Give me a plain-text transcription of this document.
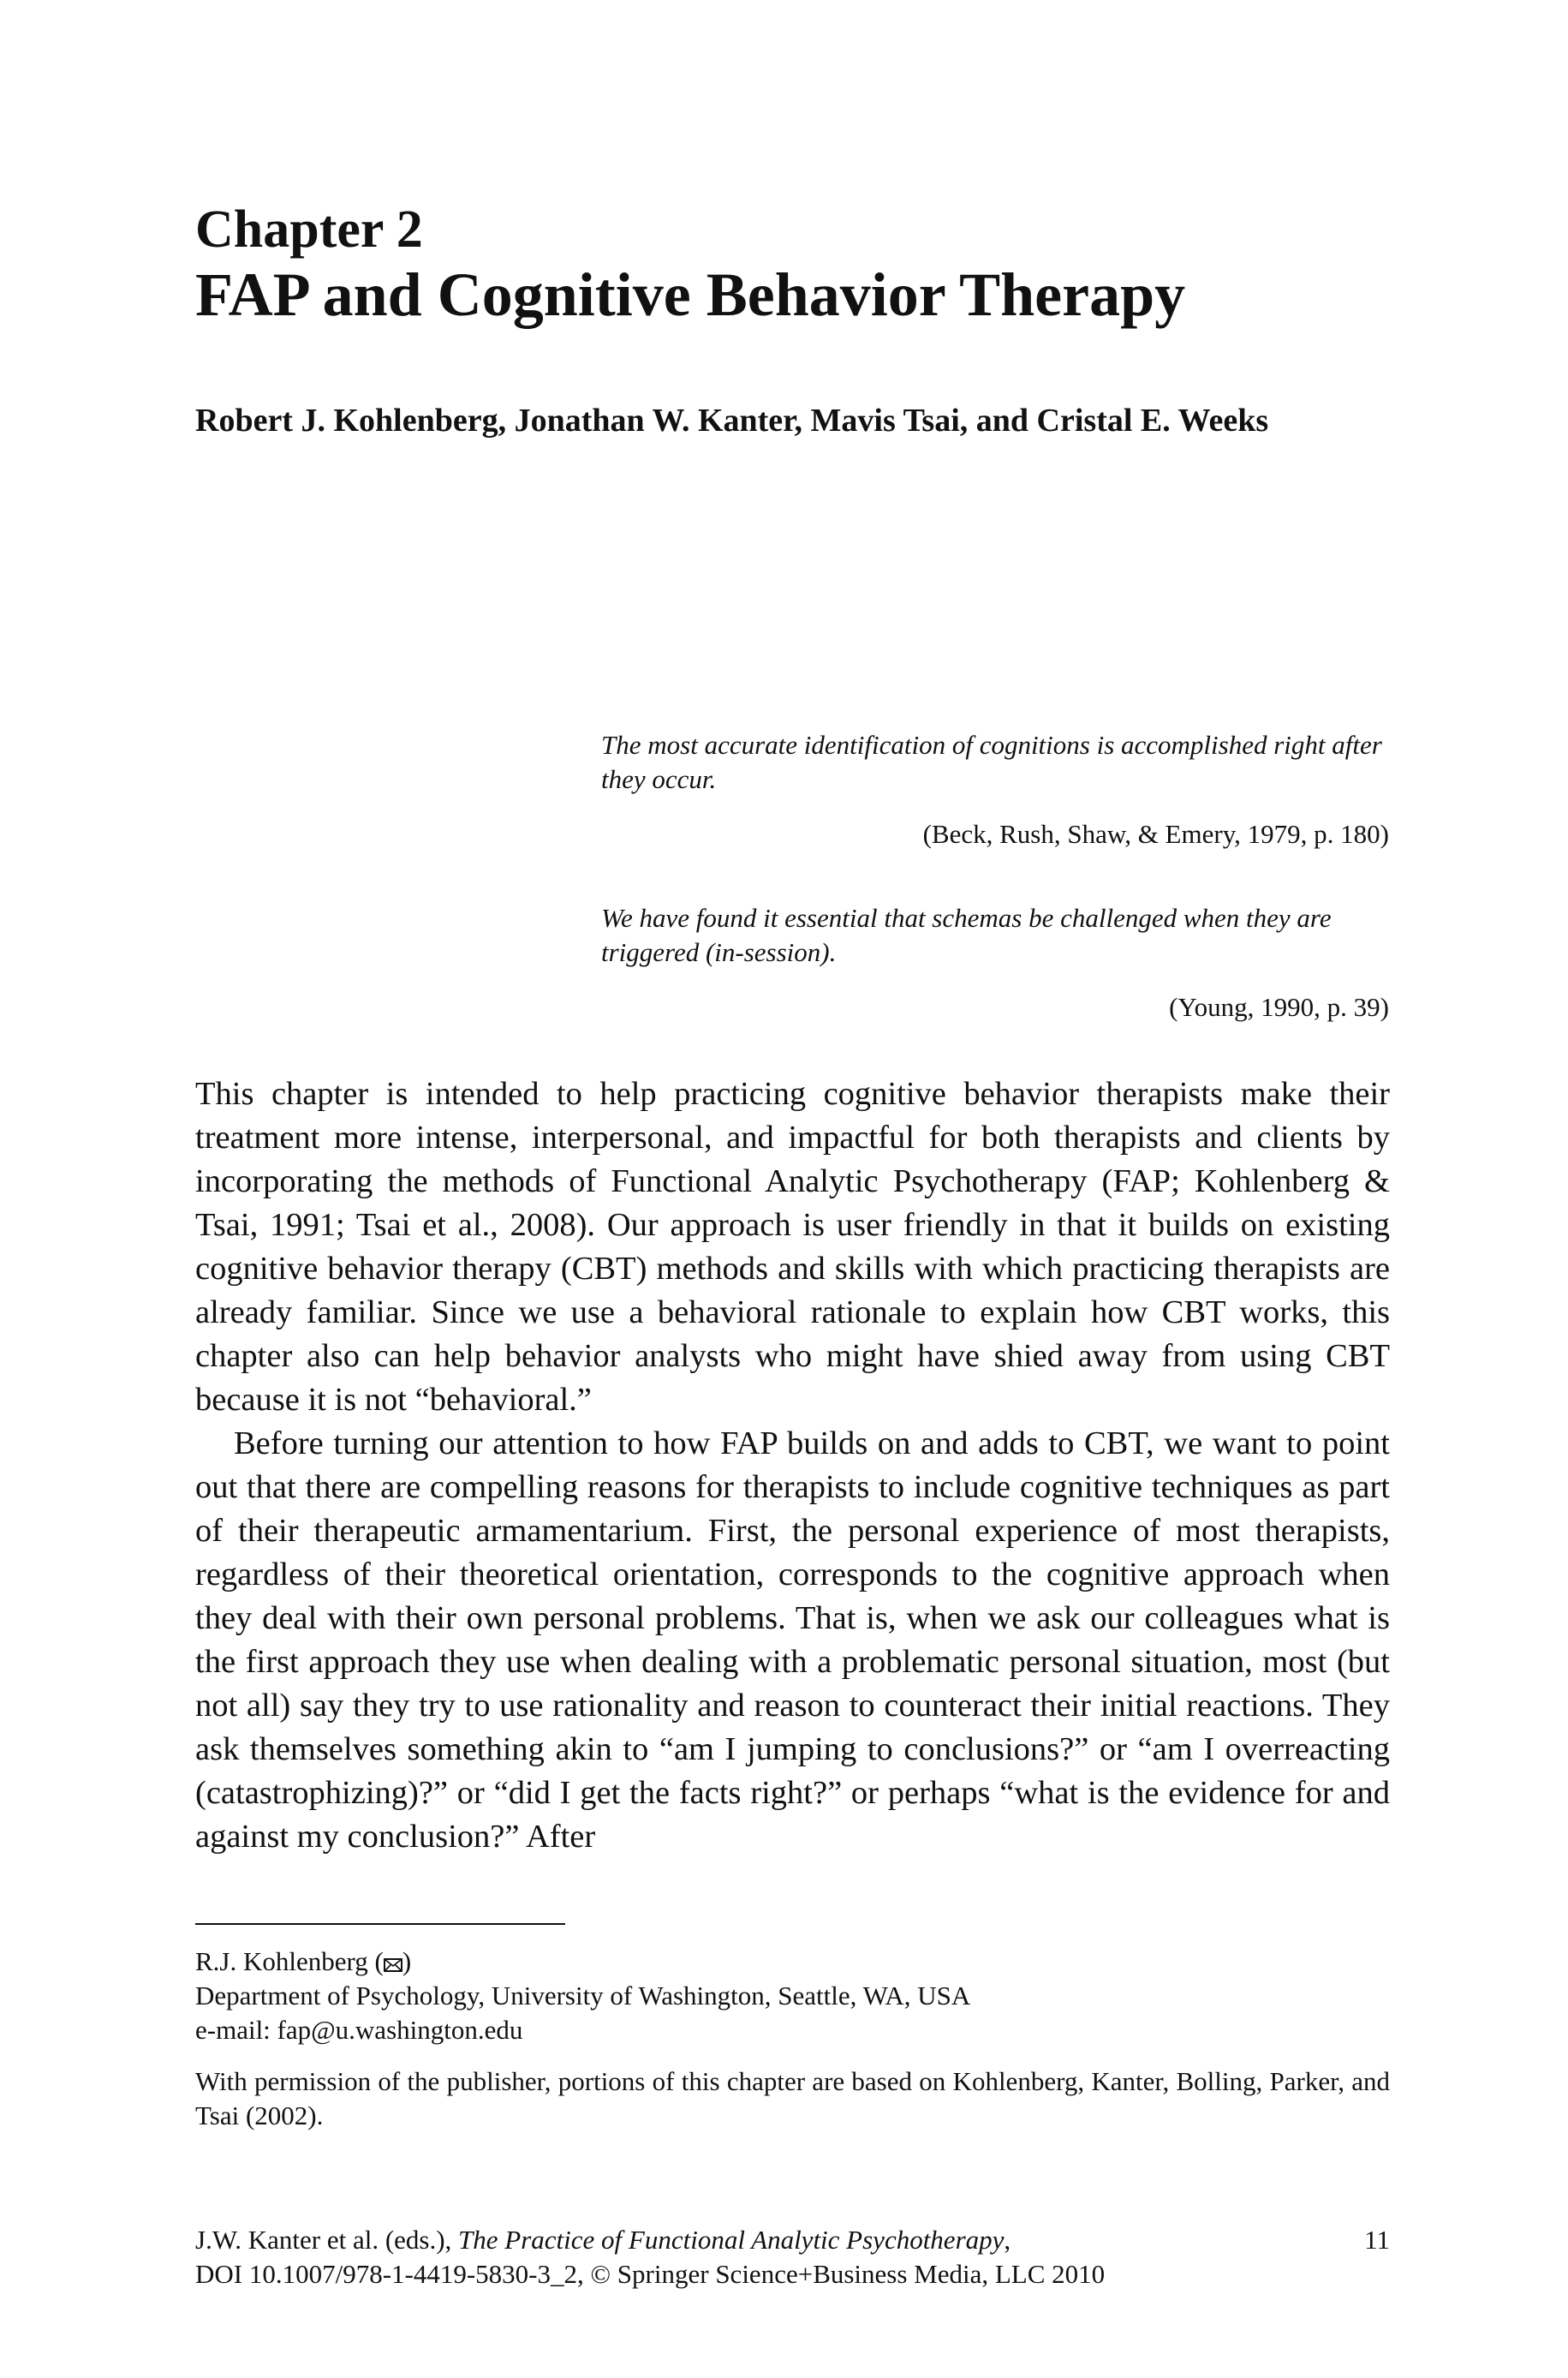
Chapter 2
FAP and Cognitive Behavior Therapy
Robert J. Kohlenberg, Jonathan W. Kanter, Mavis Tsai, and Cristal E. Weeks
The most accurate identification of cognitions is accomplished right after they occur.
(Beck, Rush, Shaw, & Emery, 1979, p. 180)
We have found it essential that schemas be challenged when they are triggered (in-session).
(Young, 1990, p. 39)

This chapter is intended to help practicing cognitive behavior therapists make their treatment more intense, interpersonal, and impactful for both therapists and clients by incorporating the methods of Functional Analytic Psychotherapy (FAP; Kohlenberg & Tsai, 1991; Tsai et al., 2008). Our approach is user friendly in that it builds on existing cognitive behavior therapy (CBT) methods and skills with which practicing therapists are already familiar. Since we use a behavioral rationale to explain how CBT works, this chapter also can help behavior analysts who might have shied away from using CBT because it is not “behavioral.”

Before turning our attention to how FAP builds on and adds to CBT, we want to point out that there are compelling reasons for therapists to include cognitive techniques as part of their therapeutic armamentarium. First, the personal experience of most therapists, regardless of their theoretical orientation, corresponds to the cognitive approach when they deal with their own personal problems. That is, when we ask our colleagues what is the first approach they use when dealing with a problematic personal situation, most (but not all) say they try to use rationality and reason to counteract their initial reactions. They ask themselves something akin to “am I jumping to conclusions?” or “am I overreacting (catastrophizing)?” or “did I get the facts right?” or perhaps “what is the evidence for and against my conclusion?” After

R.J. Kohlenberg ( )
Department of Psychology, University of Washington, Seattle, WA, USA
e-mail: fap@u.washington.edu
With permission of the publisher, portions of this chapter are based on Kohlenberg, Kanter, Bolling, Parker, and Tsai (2002).
J.W. Kanter et al. (eds.), The Practice of Functional Analytic Psychotherapy,	11
DOI 10.1007/978-1-4419-5830-3_2, © Springer Science+Business Media, LLC 2010
